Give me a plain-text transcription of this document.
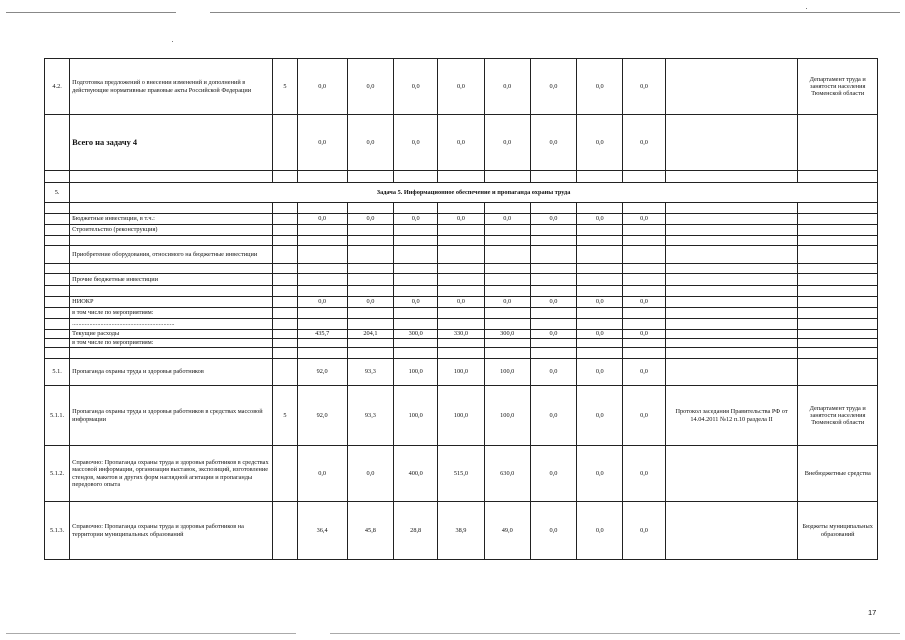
4.2.	Подготовка предложений о внесении изменений и дополнений в действующие нормативные правовые акты Российской Федерации	5	0,0	0,0	0,0	0,0	0,0	0,0	0,0	0,0		Департамент труда и занятости населения Тюменской области
	Всего на задачу 4		0,0	0,0	0,0	0,0	0,0	0,0	0,0	0,0		

5.	Задача 5. Информационное обеспечение и пропаганда охраны труда											

	Бюджетные инвестиции, в т.ч.:		0,0	0,0	0,0	0,0	0,0	0,0	0,0	0,0		
	Строительство (реконструкция)											

	Приобретение оборудования, относимого на бюджетные инвестиции											

	Прочие бюджетные инвестиции											

	НИОКР		0,0	0,0	0,0	0,0	0,0	0,0	0,0	0,0		
	в том числе по мероприятиям:											
	.................................................................											
	Текущие расходы		435,7	204,1	300,0	330,0	300,0	0,0	0,0	0,0		
	в том числе по мероприятиям:											

5.1.	Пропаганда охраны труда и здоровья работников		92,0	93,3	100,0	100,0	100,0	0,0	0,0	0,0		
5.1.1.	Пропаганда охраны труда и здоровья работников в средствах массовой информации	5	92,0	93,3	100,0	100,0	100,0	0,0	0,0	0,0	Протокол заседания Правительства РФ от 14.04.2011 №12 п.10 раздела II	Департамент труда и занятости населения Тюменской области
5.1.2.	Справочно: Пропаганда охраны труда и здоровья работников в средствах массовой информации, организация выставок, экспозиций, изготовление стендов, макетов и других форм наглядной агитации и пропаганды передового опыта		0,0	0,0	400,0	515,0	630,0	0,0	0,0	0,0		Внебюджетные средства
5.1.3.	Справочно: Пропаганда охраны труда и здоровья работников на территории муниципальных образований		36,4	45,8	28,8	38,9	49,0	0,0	0,0	0,0		Бюджеты муниципальных образований
17
